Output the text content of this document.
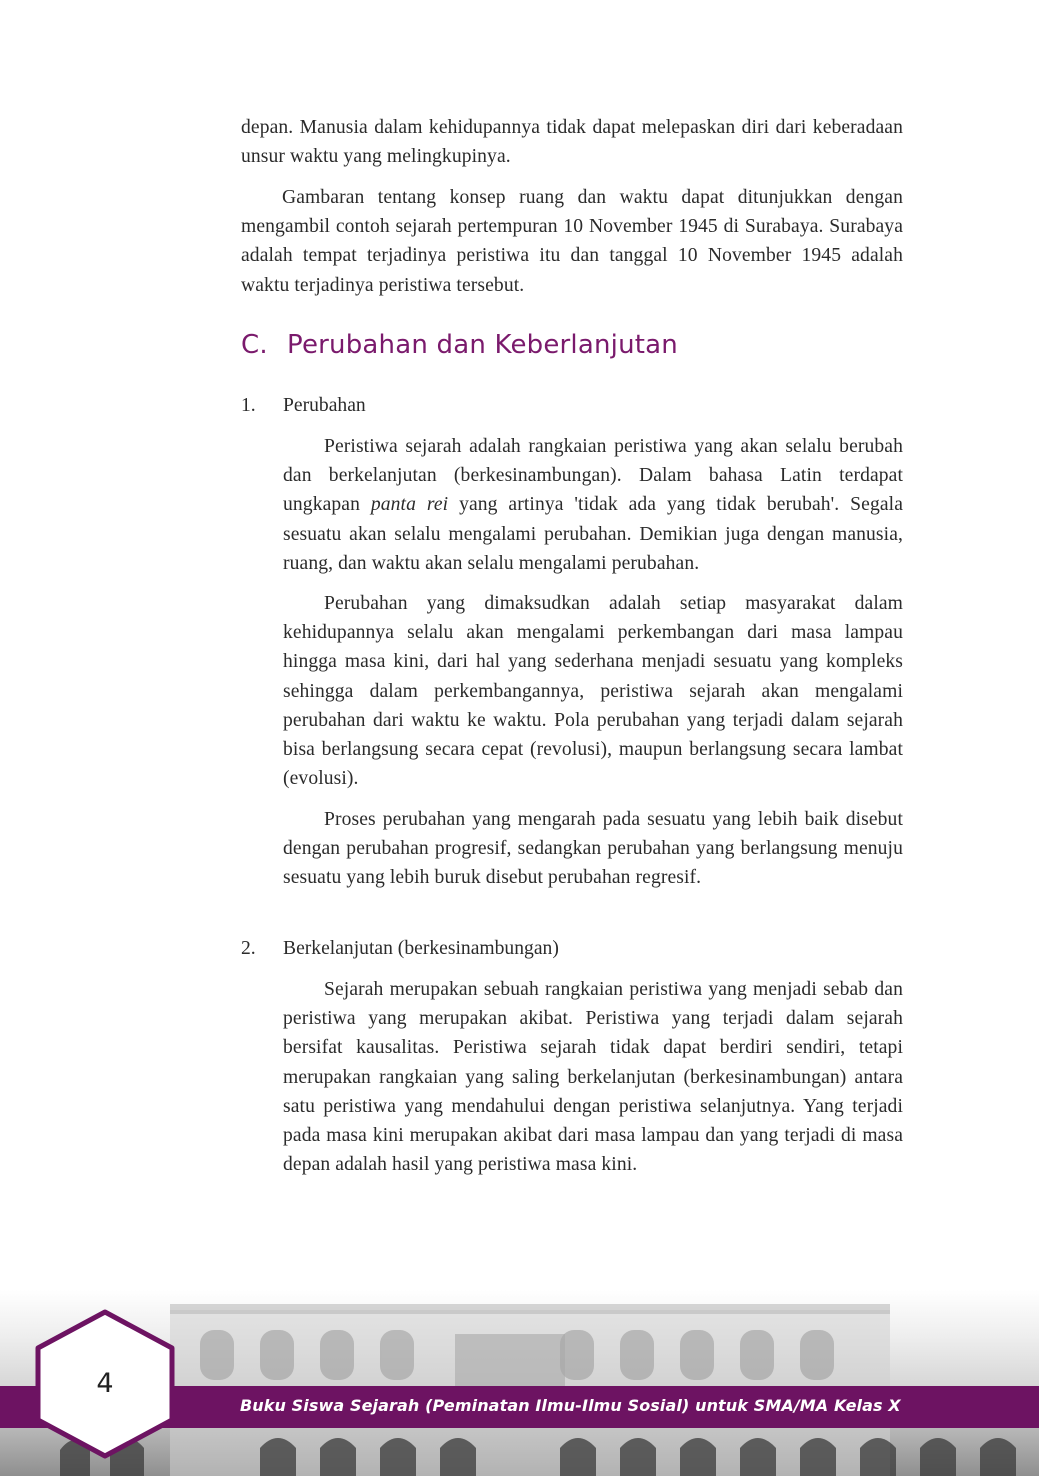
depan. Manusia dalam kehidupannya tidak dapat melepaskan diri dari keberadaan unsur waktu yang melingkupinya.

Gambaran tentang konsep ruang dan waktu dapat ditunjukkan dengan mengambil contoh sejarah pertempuran 10 November 1945 di Surabaya. Surabaya adalah tempat terjadinya peristiwa itu dan tanggal 10 November 1945 adalah waktu terjadinya peristiwa tersebut.

C. Perubahan dan Keberlanjutan
1. Perubahan

Peristiwa sejarah adalah rangkaian peristiwa yang akan selalu berubah dan berkelanjutan (berkesinambungan). Dalam bahasa Latin terdapat ungkapan panta rei yang artinya 'tidak ada yang tidak berubah'. Segala sesuatu akan selalu mengalami perubahan. Demikian juga dengan manusia, ruang, dan waktu akan selalu mengalami perubahan.

Perubahan yang dimaksudkan adalah setiap masyarakat dalam kehidupannya selalu akan mengalami perkembangan dari masa lampau hingga masa kini, dari hal yang sederhana menjadi sesuatu yang kompleks sehingga dalam perkembangannya, peristiwa sejarah akan mengalami perubahan dari waktu ke waktu. Pola perubahan yang terjadi dalam sejarah bisa berlangsung secara cepat (revolusi), maupun berlangsung secara lambat (evolusi).

Proses perubahan yang mengarah pada sesuatu yang lebih baik disebut dengan perubahan progresif, sedangkan perubahan yang berlangsung menuju sesuatu yang lebih buruk disebut perubahan regresif.

2. Berkelanjutan (berkesinambungan)

Sejarah merupakan sebuah rangkaian peristiwa yang menjadi sebab dan peristiwa yang merupakan akibat. Peristiwa yang terjadi dalam sejarah bersifat kausalitas. Peristiwa sejarah tidak dapat berdiri sendiri, tetapi merupakan rangkaian yang saling berkelanjutan (berkesinambungan) antara satu peristiwa yang mendahului dengan peristiwa selanjutnya. Yang terjadi pada masa kini merupakan akibat dari masa lampau dan yang terjadi di masa depan adalah hasil yang peristiwa masa kini.

Buku Siswa Sejarah (Peminatan Ilmu-Ilmu Sosial) untuk SMA/MA Kelas X
4
